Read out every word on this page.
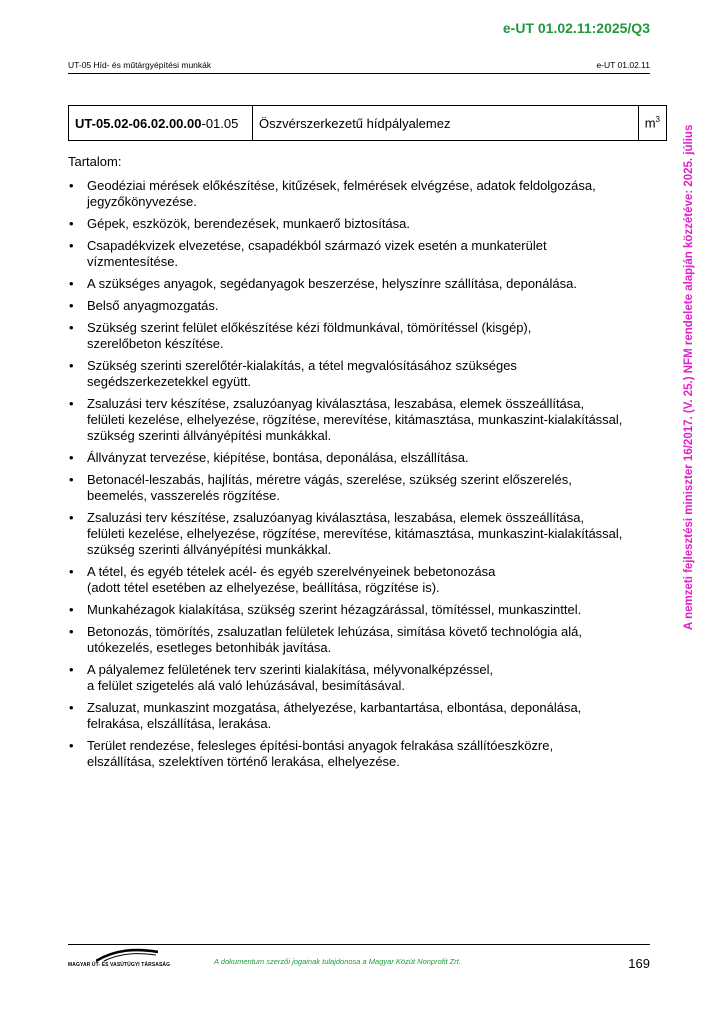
e-UT 01.02.11:2025/Q3
UT-05 Híd- és műtárgyépítési munkák	e-UT 01.02.11
UT-05.02-06.02.00.00-01.05	Öszvérszerkezetű hídpályalemez	$m^3$
Tartalom:
• Geodéziai mérések előkészítése, kitűzések, felmérések elvégzése, adatok feldolgozása,
jegyzőkönyvezése.
• Gépek, eszközök, berendezések, munkaerő biztosítása.
• Csapadékvizek elvezetése, csapadékból származó vizek esetén a munkaterület
vízmentesítése.
• A szükséges anyagok, segédanyagok beszerzése, helyszínre szállítása, deponálása.
• Belső anyagmozgatás.
• Szükség szerint felület előkészítése kézi földmunkával, tömörítéssel (kisgép),
szerelőbeton készítése.
• Szükség szerinti szerelőtér-kialakítás, a tétel megvalósításához szükséges
segédszerkezetekkel együtt.
• Zsaluzási terv készítése, zsaluzóanyag kiválasztása, leszabása, elemek összeállítása,
felületi kezelése, elhelyezése, rögzítése, merevítése, kitámasztása, munkaszint-kialakítással,
szükség szerinti állványépítési munkákkal.
• Állványzat tervezése, kiépítése, bontása, deponálása, elszállítása.
• Betonacél-leszabás, hajlítás, méretre vágás, szerelése, szükség szerint előszerelés,
beemelés, vasszerelés rögzítése.
• Zsaluzási terv készítése, zsaluzóanyag kiválasztása, leszabása, elemek összeállítása,
felületi kezelése, elhelyezése, rögzítése, merevítése, kitámasztása, munkaszint-kialakítással,
szükség szerinti állványépítési munkákkal.
• A tétel, és egyéb tételek acél- és egyéb szerelvényeinek bebetonozása
(adott tétel esetében az elhelyezése, beállítása, rögzítése is).
• Munkahézagok kialakítása, szükség szerint hézagzárással, tömítéssel, munkaszinttel.
• Betonozás, tömörítés, zsaluzatlan felületek lehúzása, simítása követő technológia alá,
utókezelés, esetleges betonhibák javítása.
• A pályalemez felületének terv szerinti kialakítása, mélyvonalképzéssel,
a felület szigetelés alá való lehúzásával, besimításával.
• Zsaluzat, munkaszint mozgatása, áthelyezése, karbantartása, elbontása, deponálása,
felrakása, elszállítása, lerakása.
• Terület rendezése, felesleges építési-bontási anyagok felrakása szállítóeszközre,
elszállítása, szelektíven történő lerakása, elhelyezése.
A nemzeti fejlesztési miniszter 16/2017. (V. 25.) NFM rendelete alapján közzétéve: 2025. július
MAGYAR ÚT- ÉS VASÚTÜGYI TÁRSASÁG	A dokumentum szerzői jogainak tulajdonosa a Magyar Közút Nonprofit Zrt.	169
